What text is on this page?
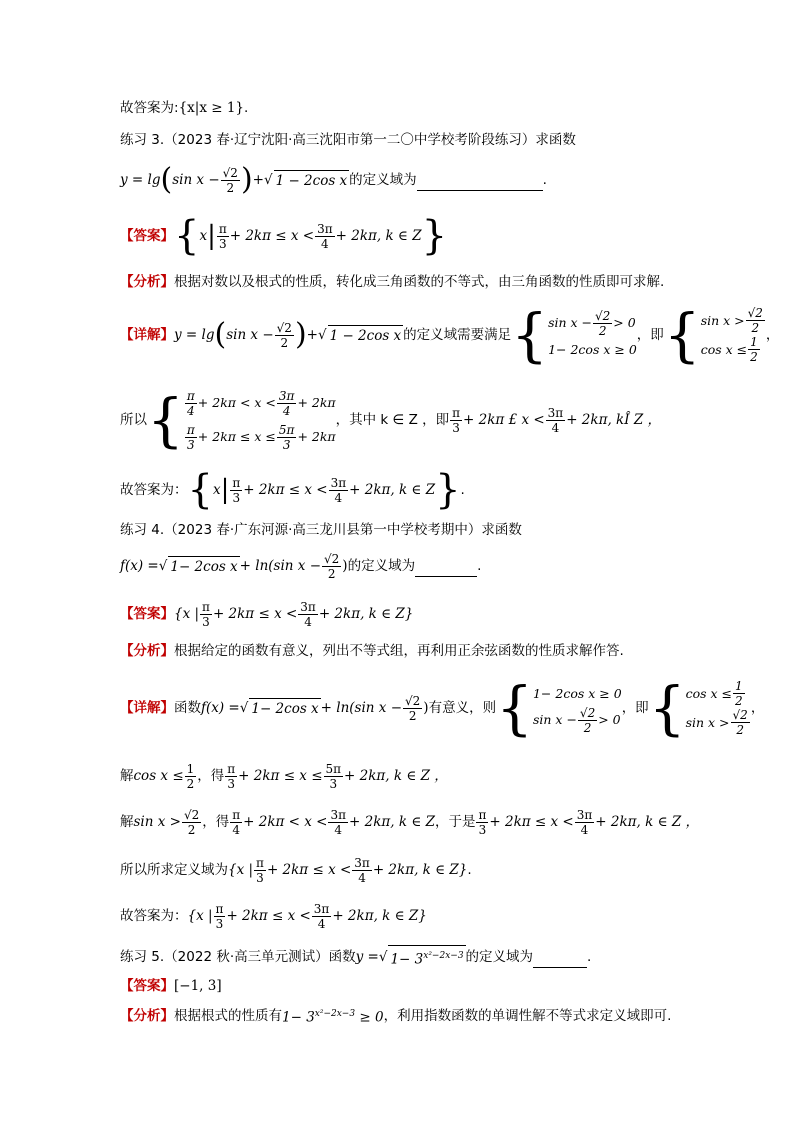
故答案为:{x|x ≥ 1}.
练习 3.（2023 春·辽宁沈阳·高三沈阳市第一二〇中学校考阶段练习）求函数
y = lg ( $\sin x - \frac{√2}{2}$ ) + √ 1 − 2cos x 的定义域为
	.
【答案】 { x | $\frac{\pi}{3} + 2k\pi \le x < \frac{3\pi}{4} + 2k\pi$, k ∈ Z }
【分析】根据对数以及根式的性质，转化成三角函数的不等式，由三角函数的性质即可求解.
【详解】 y = lg ( $\sin x - \frac{√2}{2}$ ) + √ 1 − 2cos x 的定义域需要满足 { $\sin x - \frac{√2}{2} > 0$
1− 2cos x ≥ 0
，即 { $\sin x > \frac{√2}{2}$
$\cos x \le \frac{1}{2}$ ，
所以 { $\frac{\pi}{4} + 2k\pi < x < \frac{3\pi}{4} + 2k\pi$
$\frac{\pi}{3} + 2k\pi \le x \le \frac{5\pi}{3} + 2k\pi$
，其中 k ∈ Z ，即 $\frac{\pi}{3} + 2k\pi$ £ $x < \frac{3\pi}{4} + 2k\pi$, kÎ Z ，
故答案为： { x | $\frac{\pi}{3} + 2k\pi \le x < \frac{3\pi}{4} + 2k\pi$, k ∈ Z } .
练习 4.（2023 春·广东河源·高三龙川县第一中学校考期中）求函数
f(x) = √ 1− 2cos x + ln(sin $x - \frac{√2}{2}$ ) 的定义域为
	.
【答案】 {x | $\frac{\pi}{3} + 2k\pi \le x < \frac{3\pi}{4} + 2k\pi$, k ∈ Z}
【分析】根据给定的函数有意义，列出不等式组，再利用正余弦函数的性质求解作答.
【详解】 函数 f(x) = √ 1− 2cos x + ln(sin $x - \frac{√2}{2}$ ) 有意义，则 { 1− 2cos x ≥ 0
$\sin x - \frac{√2}{2} > 0$
，即 { $\cos x \le \frac{1}{2}$
$\sin x > \frac{√2}{2}$ ，
解 $\cos x \le \frac{1}{2}$ ，得 $\frac{\pi}{3} + 2k\pi \le x \le \frac{5\pi}{3} + 2k\pi$, k ∈ Z ，
解 $\sin x > \frac{√2}{2}$ ，得 $\frac{\pi}{4} + 2k\pi < x < \frac{3\pi}{4} + 2k\pi$, k ∈ Z ，于是 $\frac{\pi}{3} + 2k\pi \le x < \frac{3\pi}{4} + 2k\pi$, k ∈ Z ，
所以所求定义域为 {x | $\frac{\pi}{3} + 2k\pi \le x < \frac{3\pi}{4} + 2k\pi$, k ∈ Z} .
故答案为： {x | $\frac{\pi}{3} + 2k\pi \le x < \frac{3\pi}{4} + 2k\pi$, k ∈ Z}
练习 5.（2022 秋·高三单元测试）函数 y = √ $1- 3^{x^2-2x-3}$ 的定义域为
	.
【答案】[−1, 3]
【分析】 根据根式的性质有 $1- 3^{x^2-2x-3} \ge 0$ ，利用指数函数的单调性解不等式求定义域即可.
